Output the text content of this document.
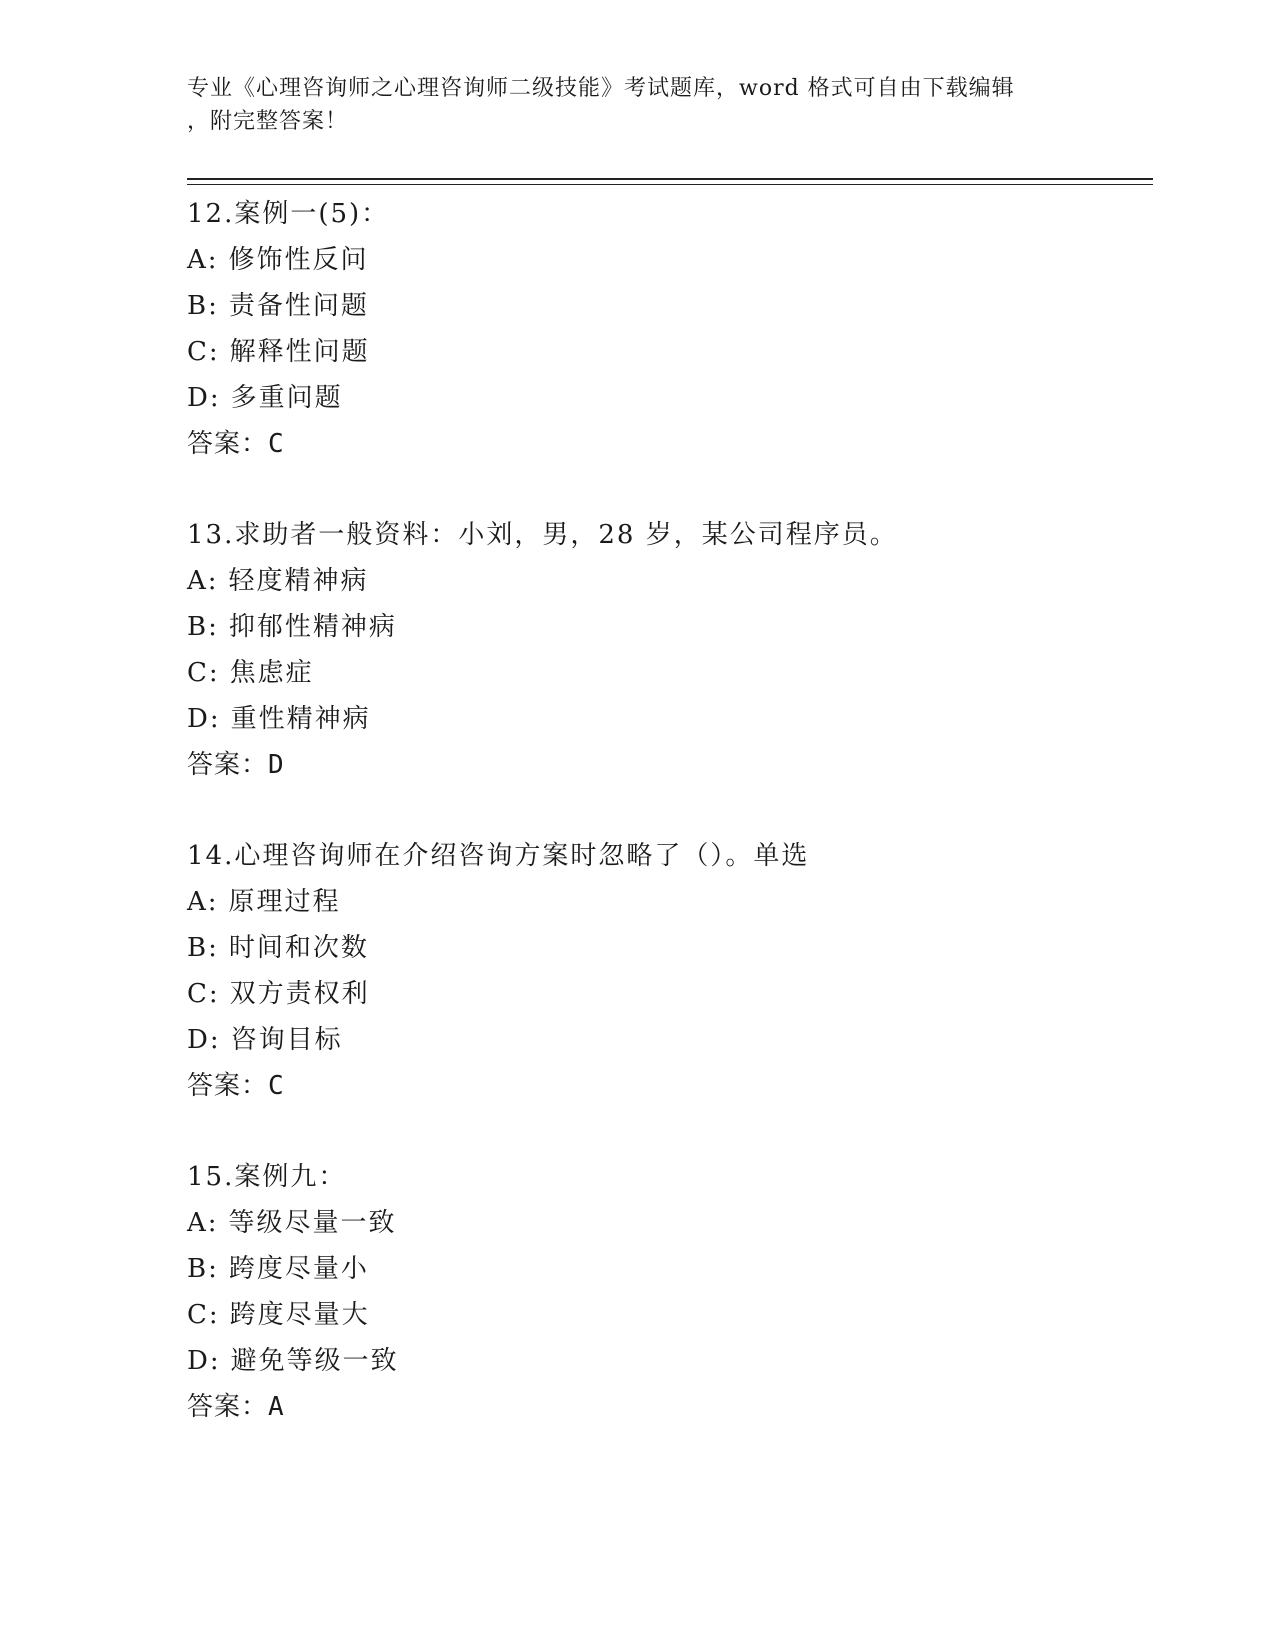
专业《心理咨询师之心理咨询师二级技能》考试题库，word 格式可自由下载编辑
，附完整答案！
12.案例一(5)：
A: 修饰性反问
B: 责备性问题
C: 解释性问题
D: 多重问题
答案：C
13.求助者一般资料：小刘，男，28 岁，某公司程序员。
A: 轻度精神病
B: 抑郁性精神病
C: 焦虑症
D: 重性精神病
答案：D
14.心理咨询师在介绍咨询方案时忽略了（）。单选
A: 原理过程
B: 时间和次数
C: 双方责权利
D: 咨询目标
答案：C
15.案例九：
A: 等级尽量一致
B: 跨度尽量小
C: 跨度尽量大
D: 避免等级一致
答案：A
